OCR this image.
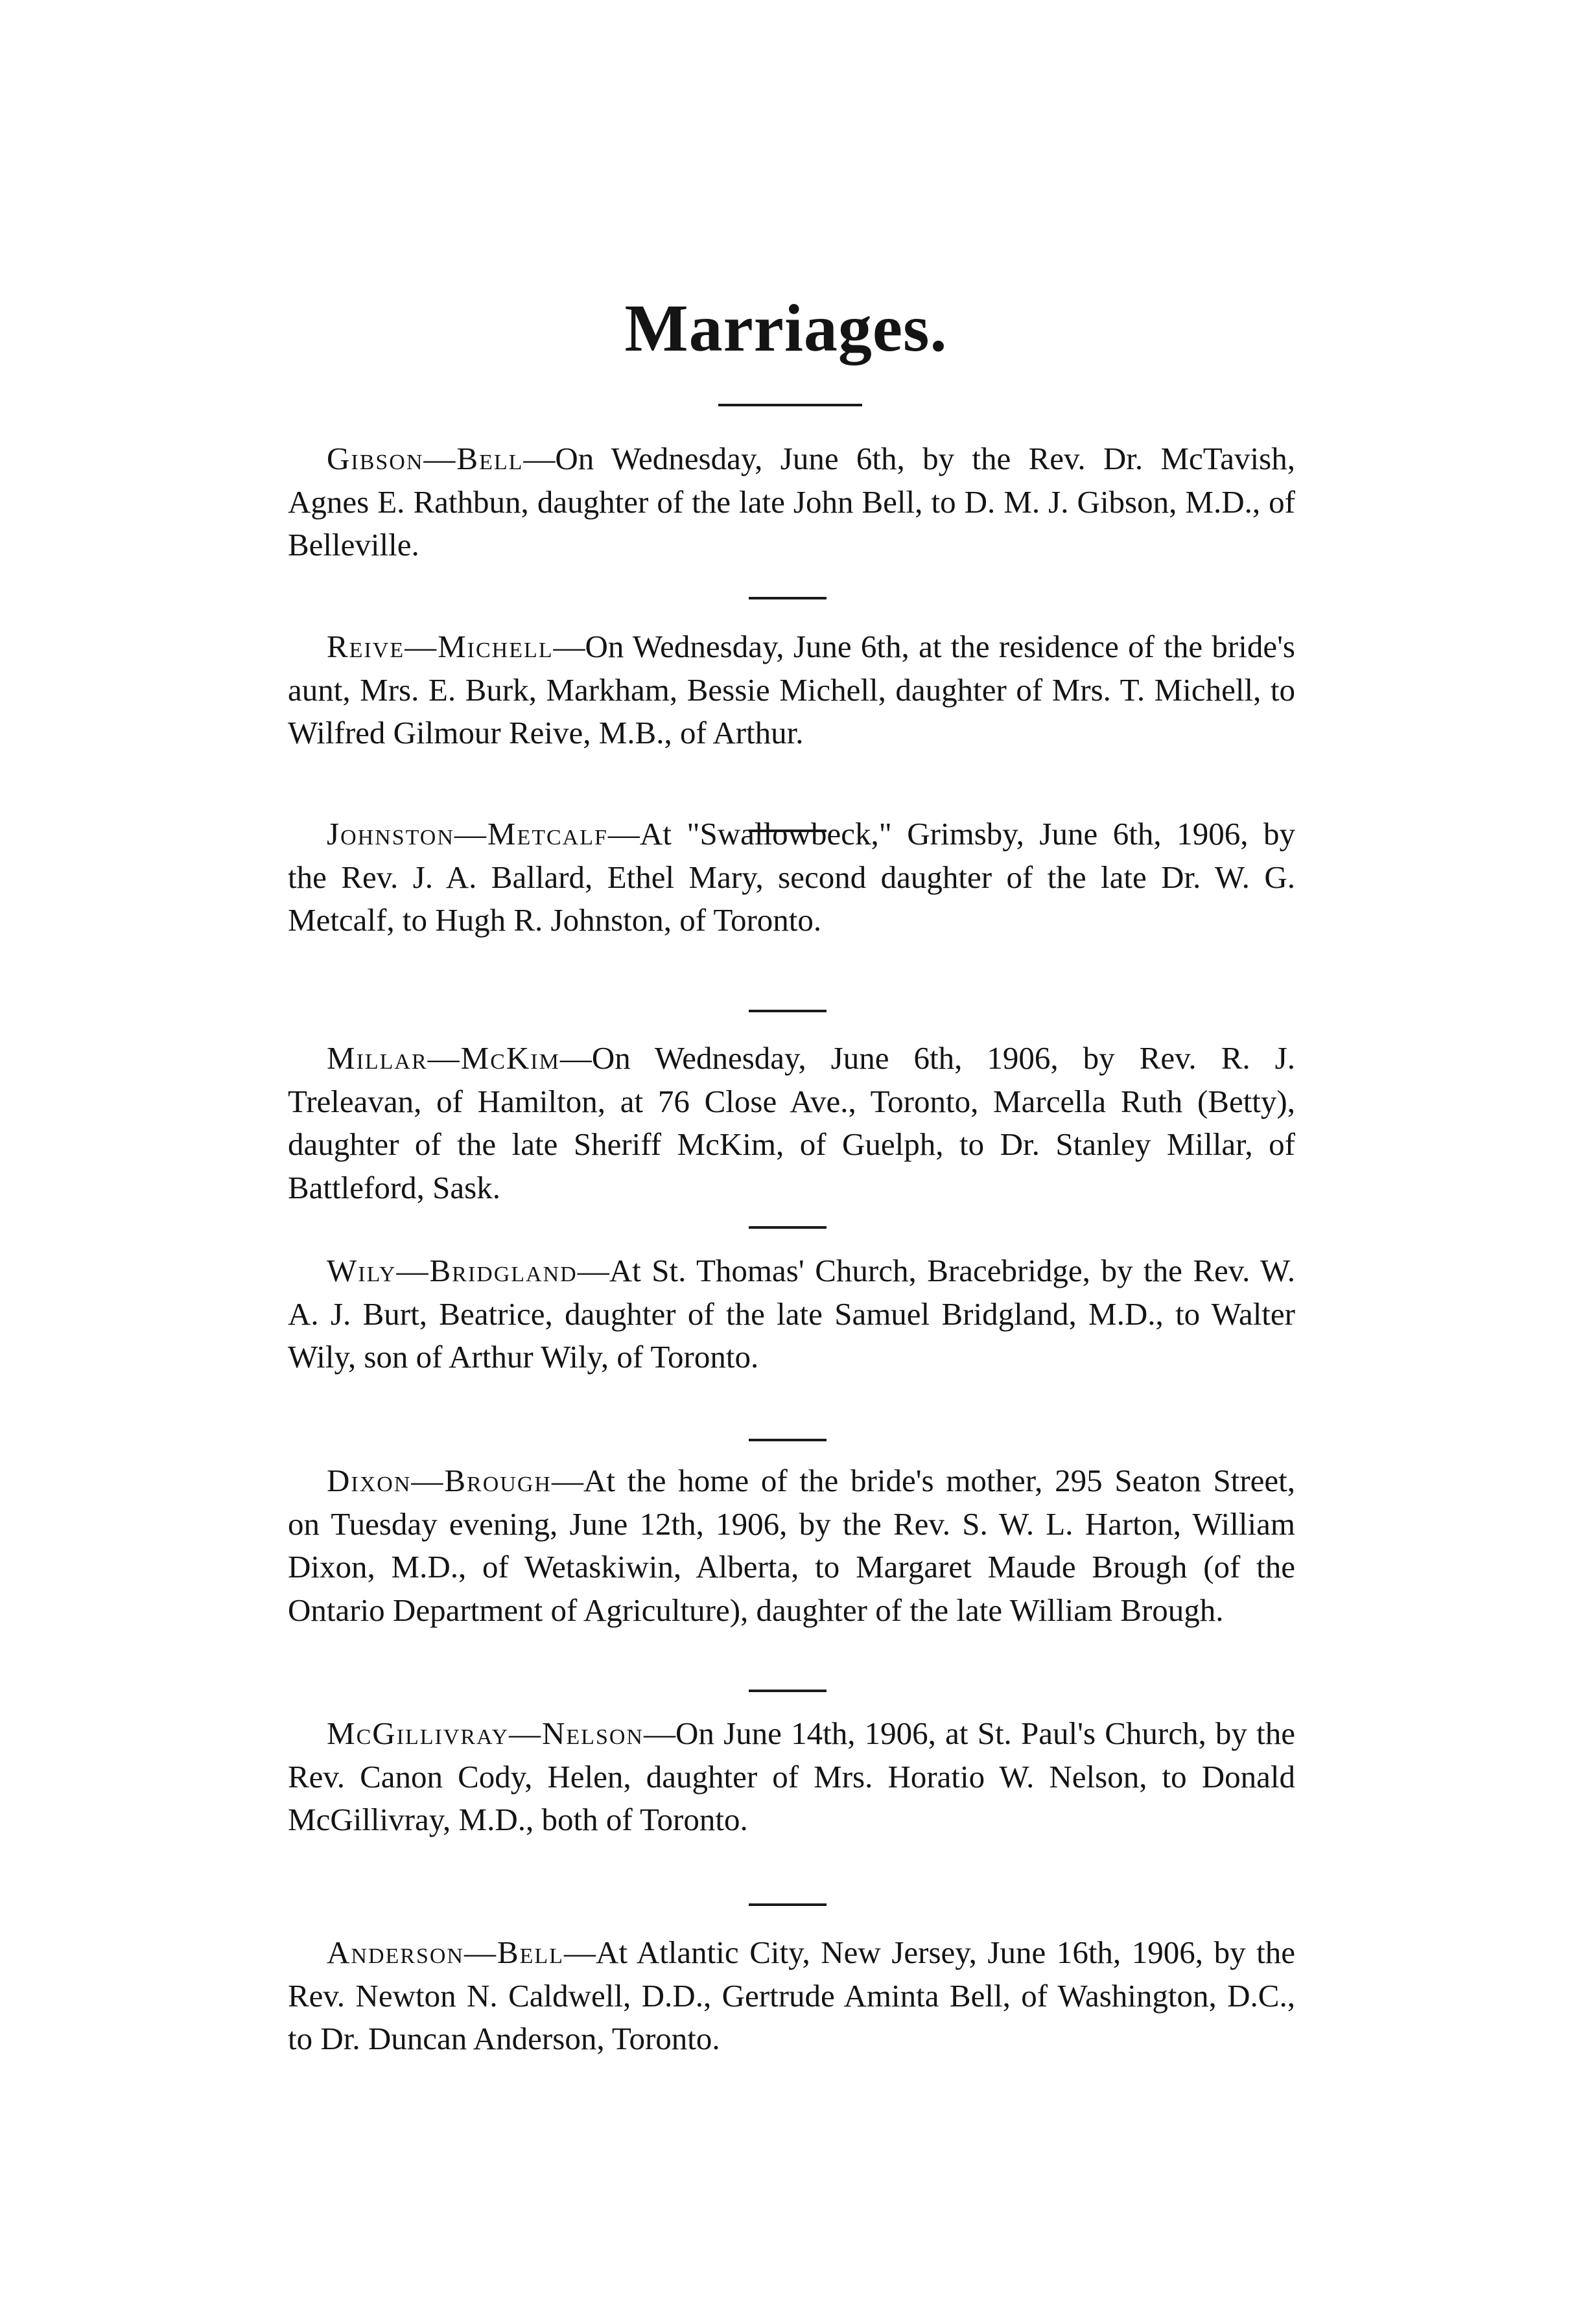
Marriages.
Gibson—Bell—On Wednesday, June 6th, by the Rev. Dr. McTavish, Agnes E. Rathbun, daughter of the late John Bell, to D. M. J. Gibson, M.D., of Belleville.
Reive—Michell—On Wednesday, June 6th, at the residence of the bride's aunt, Mrs. E. Burk, Markham, Bessie Michell, daughter of Mrs. T. Michell, to Wilfred Gilmour Reive, M.B., of Arthur.
Johnston—Metcalf—At "Swallowbeck," Grimsby, June 6th, 1906, by the Rev. J. A. Ballard, Ethel Mary, second daughter of the late Dr. W. G. Metcalf, to Hugh R. Johnston, of Toronto.
Millar—McKim—On Wednesday, June 6th, 1906, by Rev. R. J. Treleavan, of Hamilton, at 76 Close Ave., Toronto, Marcella Ruth (Betty), daughter of the late Sheriff McKim, of Guelph, to Dr. Stanley Millar, of Battleford, Sask.
Wily—Bridgland—At St. Thomas' Church, Bracebridge, by the Rev. W. A. J. Burt, Beatrice, daughter of the late Samuel Bridgland, M.D., to Walter Wily, son of Arthur Wily, of Toronto.
Dixon—Brough—At the home of the bride's mother, 295 Seaton Street, on Tuesday evening, June 12th, 1906, by the Rev. S. W. L. Harton, William Dixon, M.D., of Wetaskiwin, Alberta, to Margaret Maude Brough (of the Ontario Department of Agriculture), daughter of the late William Brough.
McGillivray—Nelson—On June 14th, 1906, at St. Paul's Church, by the Rev. Canon Cody, Helen, daughter of Mrs. Horatio W. Nelson, to Donald McGillivray, M.D., both of Toronto.
Anderson—Bell—At Atlantic City, New Jersey, June 16th, 1906, by the Rev. Newton N. Caldwell, D.D., Gertrude Aminta Bell, of Washington, D.C., to Dr. Duncan Anderson, Toronto.
